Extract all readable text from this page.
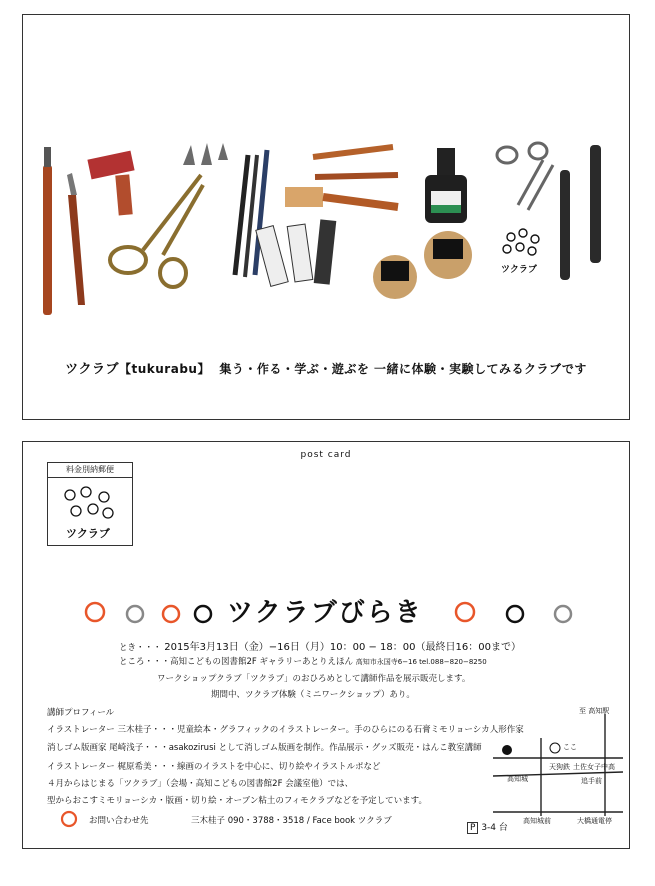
ツクラブ
ツクラブ【tukurabu】 集う・作る・学ぶ・遊ぶを 一緒に体験・実験してみるクラブです
post card
料金別納郵便
ツクラブ
ツクラブびらき
とき・・・ 2015年3月13日（金）−16日（月）10：00 − 18：00（最終日16：00まで）
ところ・・・高知こどもの図書館2F ギャラリーあとりえほん 高知市永国寺6−16 tel.088−820−8250
ワークショップクラブ「ツクラブ」のおひろめとして講師作品を展示販売します。
期間中、ツクラブ体験（ミニワークショップ）あり。
講師プロフィール
イラストレーター 三木桂子・・・児童絵本・グラフィックのイラストレーター。手のひらにのる石膏ミモリョーシカ人形作家
消しゴム版画家 尾崎浅子・・・asakozirusi として消しゴム版画を制作。作品展示・グッズ販売・はんこ教室講師
イラストレーター 梶原希美・・・線画のイラストを中心に、切り絵やイラストルポなど
４月からはじまる「ツクラブ」（会場・高知こどもの図書館2F 会議室他）では、
型からおこすミモリョーシカ・版画・切り絵・オーブン粘土のフィモクラブなどを予定しています。
お問い合わせ先	三木桂子 090・3788・3518 / Face book ツクラブ
至 高知駅
ここ
天狗鉄 土佐女子中高
追手前
高知城
高知城前	大橋通電停
P 3-4 台
